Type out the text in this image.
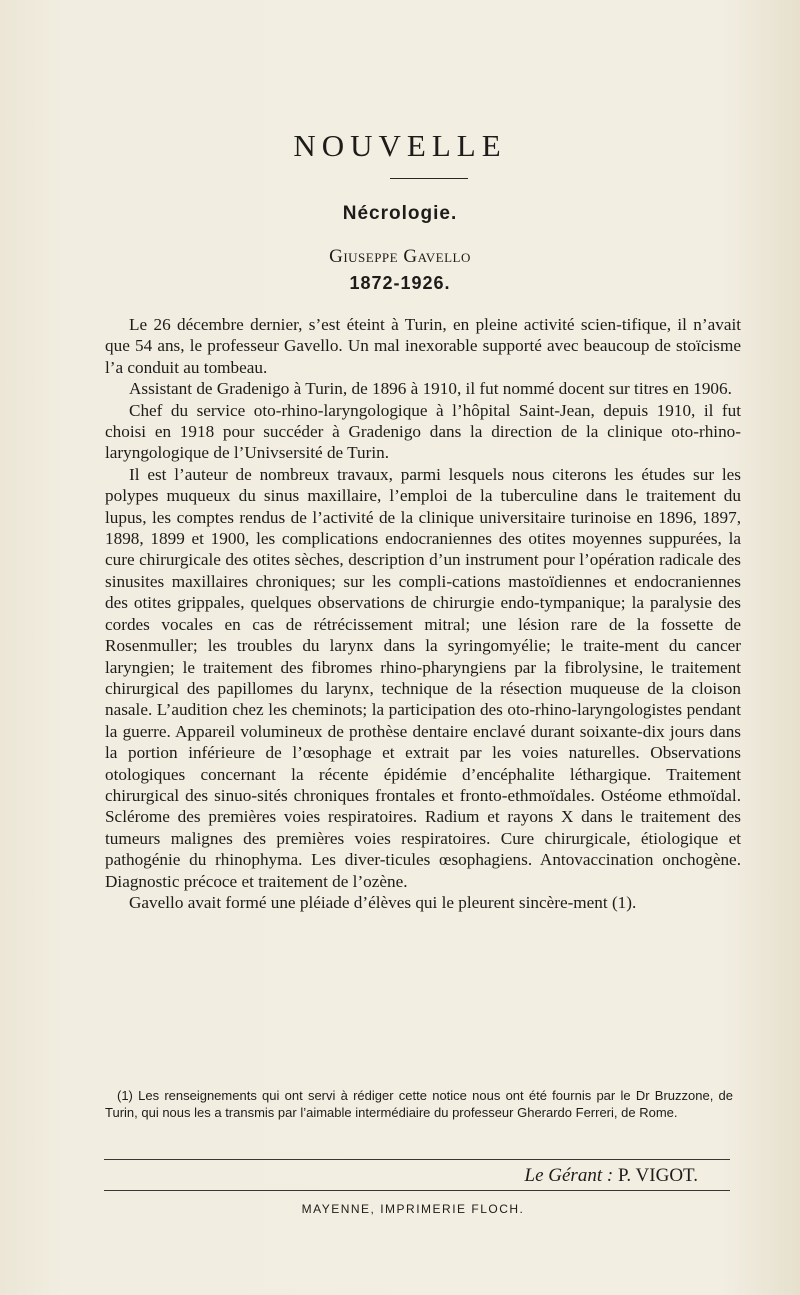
NOUVELLE
Nécrologie.
Giuseppe Gavello
1872-1926.

Le 26 décembre dernier, s’est éteint à Turin, en pleine activité scien-tifique, il n’avait que 54 ans, le professeur Gavello. Un mal inexorable supporté avec beaucoup de stoïcisme l’a conduit au tombeau.

Assistant de Gradenigo à Turin, de 1896 à 1910, il fut nommé docent sur titres en 1906.

Chef du service oto-rhino-laryngologique à l’hôpital Saint-Jean, depuis 1910, il fut choisi en 1918 pour succéder à Gradenigo dans la direction de la clinique oto-rhino-laryngologique de l’Univsersité de Turin.

Il est l’auteur de nombreux travaux, parmi lesquels nous citerons les études sur les polypes muqueux du sinus maxillaire, l’emploi de la tuberculine dans le traitement du lupus, les comptes rendus de l’activité de la clinique universitaire turinoise en 1896, 1897, 1898, 1899 et 1900, les complications endocraniennes des otites moyennes suppurées, la cure chirurgicale des otites sèches, description d’un instrument pour l’opération radicale des sinusites maxillaires chroniques; sur les compli-cations mastoïdiennes et endocraniennes des otites grippales, quelques observations de chirurgie endo-tympanique; la paralysie des cordes vocales en cas de rétrécissement mitral; une lésion rare de la fossette de Rosenmuller; les troubles du larynx dans la syringomyélie; le traite-ment du cancer laryngien; le traitement des fibromes rhino-pharyngiens par la fibrolysine, le traitement chirurgical des papillomes du larynx, technique de la résection muqueuse de la cloison nasale. L’audition chez les cheminots; la participation des oto-rhino-laryngologistes pendant la guerre. Appareil volumineux de prothèse dentaire enclavé durant soixante-dix jours dans la portion inférieure de l’œsophage et extrait par les voies naturelles. Observations otologiques concernant la récente épidémie d’encéphalite léthargique. Traitement chirurgical des sinuo-sités chroniques frontales et fronto-ethmoïdales. Ostéome ethmoïdal. Sclérome des premières voies respiratoires. Radium et rayons X dans le traitement des tumeurs malignes des premières voies respiratoires. Cure chirurgicale, étiologique et pathogénie du rhinophyma. Les diver-ticules œsophagiens. Antovaccination onchogène. Diagnostic précoce et traitement de l’ozène.

Gavello avait formé une pléiade d’élèves qui le pleurent sincère-ment (1).

(1) Les renseignements qui ont servi à rédiger cette notice nous ont été fournis par le Dr Bruzzone, de Turin, qui nous les a transmis par l’aimable intermédiaire du professeur Gherardo Ferreri, de Rome.

Le Gérant : P. VIGOT.
MAYENNE, IMPRIMERIE FLOCH.
